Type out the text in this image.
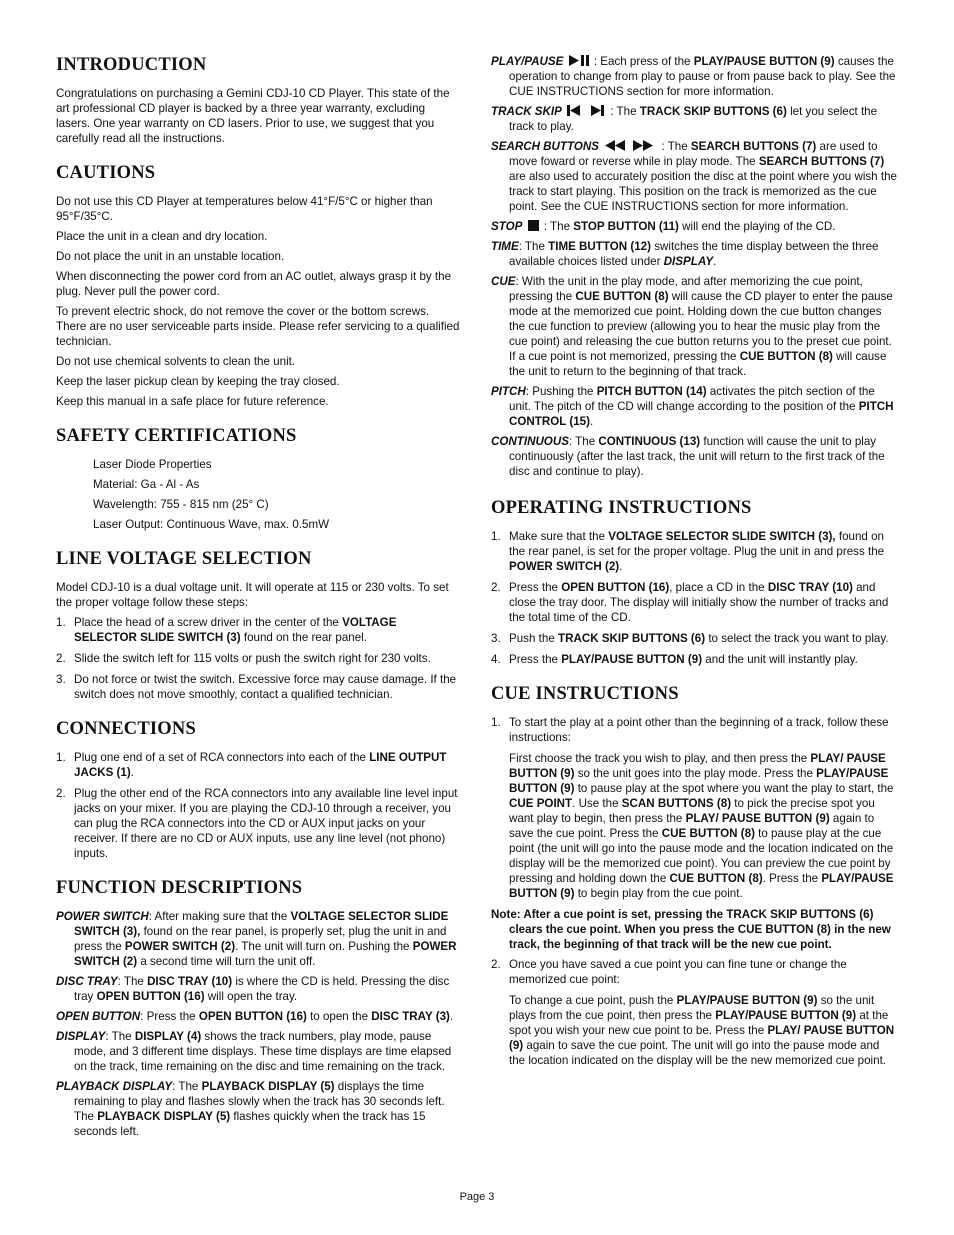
INTRODUCTION

Congratulations on purchasing a Gemini CDJ-10 CD Player. This state of the art professional CD player is backed by a three year warranty, excluding lasers. One year warranty on CD lasers. Prior to use, we suggest that you carefully read all the instructions.

CAUTIONS

Do not use this CD Player at temperatures below 41°F/5°C or higher than 95°F/35°C.

Place the unit in a clean and dry location.

Do not place the unit in an unstable location.

When disconnecting the power cord from an AC outlet, always grasp it by the plug. Never pull the power cord.

To prevent electric shock, do not remove the cover or the bottom screws. There are no user serviceable parts inside. Please refer servicing to a qualified technician.

Do not use chemical solvents to clean the unit.

Keep the laser pickup clean by keeping the tray closed.

Keep this manual in a safe place for future reference.

SAFETY CERTIFICATIONS

Laser Diode Properties

Material: Ga - Al - As

Wavelength: 755 - 815 nm (25° C)

Laser Output: Continuous Wave, max. 0.5mW

LINE VOLTAGE SELECTION

Model CDJ-10 is a dual voltage unit. It will operate at 115 or 230 volts. To set the proper voltage follow these steps:

1. Place the head of a screw driver in the center of the VOLTAGE SELECTOR SLIDE SWITCH (3) found on the rear panel.
2. Slide the switch left for 115 volts or push the switch right for 230 volts.
3. Do not force or twist the switch. Excessive force may cause damage. If the switch does not move smoothly, contact a qualified technician.
CONNECTIONS
1. Plug one end of a set of RCA connectors into each of the LINE OUTPUT JACKS (1).
2. Plug the other end of the RCA connectors into any available line level input jacks on your mixer. If you are playing the CDJ-10 through a receiver, you can plug the RCA connectors into the CD or AUX input jacks on your receiver. If there are no CD or AUX inputs, use any line level (not phono) inputs.
FUNCTION DESCRIPTIONS

POWER SWITCH: After making sure that the VOLTAGE SELECTOR SLIDE SWITCH (3), found on the rear panel, is properly set, plug the unit in and press the POWER SWITCH (2). The unit will turn on. Pushing the POWER SWITCH (2) a second time will turn the unit off.

DISC TRAY: The DISC TRAY (10) is where the CD is held. Pressing the disc tray OPEN BUTTON (16) will open the tray.

OPEN BUTTON: Press the OPEN BUTTON (16) to open the DISC TRAY (3).

DISPLAY: The DISPLAY (4) shows the track numbers, play mode, pause mode, and 3 different time displays. These time displays are time elapsed on the track, time remaining on the disc and time remaining on the track.

PLAYBACK DISPLAY: The PLAYBACK DISPLAY (5) displays the time remaining to play and flashes slowly when the track has 30 seconds left. The PLAYBACK DISPLAY (5) flashes quickly when the track has 15 seconds left.

PLAY/PAUSE  : Each press of the PLAY/PAUSE BUTTON (9) causes the operation to change from play to pause or from pause back to play. See the CUE INSTRUCTIONS section for more information.

TRACK SKIP	: The TRACK SKIP BUTTONS (6) let you select the track to play.

SEARCH BUTTONS	: The SEARCH BUTTONS (7) are used to move foward or reverse while in play mode. The SEARCH BUTTONS (7) are also used to accurately position the disc at the point where you wish the track to start playing. This position on the track is memorized as the cue point. See the CUE INSTRUCTIONS section for more information.

STOP  : The STOP BUTTON (11) will end the playing of the CD.

TIME: The TIME BUTTON (12) switches the time display between the three available choices listed under DISPLAY.

CUE: With the unit in the play mode, and after memorizing the cue point, pressing the CUE BUTTON (8) will cause the CD player to enter the pause mode at the memorized cue point. Holding down the cue button changes the cue function to preview (allowing you to hear the music play from the cue point) and releasing the cue button returns you to the preset cue point. If a cue point is not memorized, pressing the CUE BUTTON (8) will cause the unit to return to the beginning of that track.

PITCH: Pushing the PITCH BUTTON (14) activates the pitch section of the unit. The pitch of the CD will change according to the position of the PITCH CONTROL (15).

CONTINUOUS: The CONTINUOUS (13) function will cause the unit to play continuously (after the last track, the unit will return to the first track of the disc and continue to play).

OPERATING INSTRUCTIONS
1. Make sure that the VOLTAGE SELECTOR SLIDE SWITCH (3), found on the rear panel, is set for the proper voltage. Plug the unit in and press the POWER SWITCH (2).
2. Press the OPEN BUTTON (16), place a CD in the DISC TRAY (10) and close the tray door. The display will initially show the number of tracks and the total time of the CD.
3. Push the TRACK SKIP BUTTONS (6) to select the track you want to play.
4. Press the PLAY/PAUSE BUTTON (9) and the unit will instantly play.
CUE INSTRUCTIONS
1. To start the play at a point other than the beginning of a track, follow these instructions:

First choose the track you wish to play, and then press the PLAY/ PAUSE BUTTON (9) so the unit goes into the play mode. Press the PLAY/PAUSE BUTTON (9) to pause play at the spot where you want the play to start, the CUE POINT. Use the SCAN BUTTONS (8) to pick the precise spot you want play to begin, then press the PLAY/ PAUSE BUTTON (9) again to save the cue point. Press the CUE BUTTON (8) to pause play at the cue point (the unit will go into the pause mode and the location indicated on the display will be the memorized cue point). You can preview the cue point by pressing and holding down the CUE BUTTON (8). Press the PLAY/PAUSE BUTTON (9) to begin play from the cue point.

Note: After a cue point is set, pressing the TRACK SKIP BUTTONS (6) clears the cue point. When you press the CUE BUTTON (8) in the new track, the beginning of that track will be the new cue point.

2. Once you have saved a cue point you can fine tune or change the memorized cue point:

To change a cue point, push the PLAY/PAUSE BUTTON (9) so the unit plays from the cue point, then press the PLAY/PAUSE BUTTON (9) at the spot you wish your new cue point to be. Press the PLAY/ PAUSE BUTTON (9) again to save the cue point. The unit will go into the pause mode and the location indicated on the display will be the new memorized cue point.

Page 3
